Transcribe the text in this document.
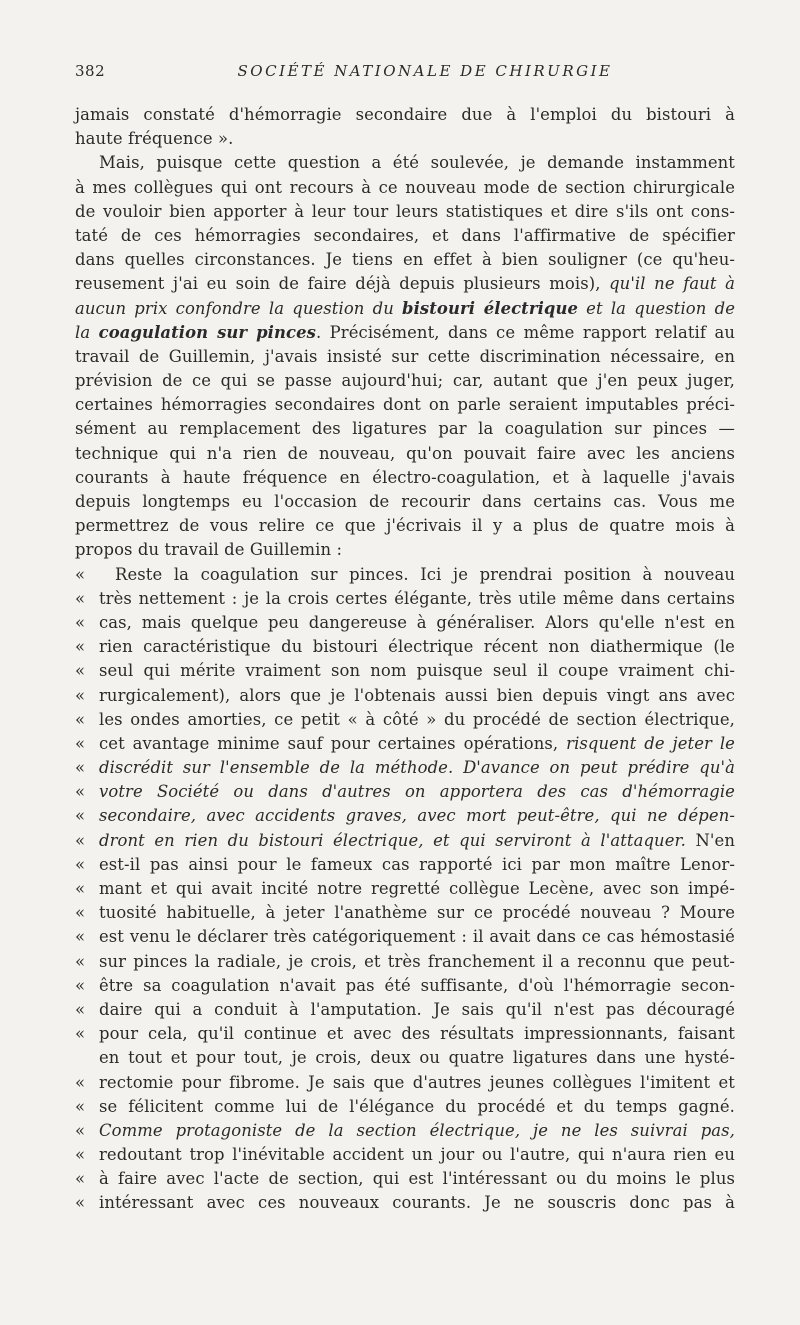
382	SOCIÉTÉ NATIONALE DE CHIRURGIE
jamais constaté d'hémorragie secondaire due à l'emploi du bistouri à
haute fréquence ».
Mais, puisque cette question a été soulevée, je demande instamment
à mes collègues qui ont recours à ce nouveau mode de section chirurgicale
de vouloir bien apporter à leur tour leurs statistiques et dire s'ils ont cons-
taté de ces hémorragies secondaires, et dans l'affirmative de spécifier
dans quelles circonstances. Je tiens en effet à bien souligner (ce qu'heu-
reusement j'ai eu soin de faire déjà depuis plusieurs mois), qu'il ne faut à
aucun prix confondre la question du bistouri électrique et la question de
la coagulation sur pinces. Précisément, dans ce même rapport relatif au
travail de Guillemin, j'avais insisté sur cette discrimination nécessaire, en
prévision de ce qui se passe aujourd'hui; car, autant que j'en peux juger,
certaines hémorragies secondaires dont on parle seraient imputables préci-
sément au remplacement des ligatures par la coagulation sur pinces —
technique qui n'a rien de nouveau, qu'on pouvait faire avec les anciens
courants à haute fréquence en électro-coagulation, et à laquelle j'avais
depuis longtemps eu l'occasion de recourir dans certains cas. Vous me
permettrez de vous relire ce que j'écrivais il y a plus de quatre mois à
propos du travail de Guillemin :
« Reste la coagulation sur pinces. Ici je prendrai position à nouveau
« très nettement : je la crois certes élégante, très utile même dans certains
« cas, mais quelque peu dangereuse à généraliser. Alors qu'elle n'est en
« rien caractéristique du bistouri électrique récent non diathermique (le
« seul qui mérite vraiment son nom puisque seul il coupe vraiment chi-
« rurgicalement), alors que je l'obtenais aussi bien depuis vingt ans avec
« les ondes amorties, ce petit « à côté » du procédé de section électrique,
« cet avantage minime sauf pour certaines opérations, risquent de jeter le
« discrédit sur l'ensemble de la méthode. D'avance on peut prédire qu'à
« votre Société ou dans d'autres on apportera des cas d'hémorragie
« secondaire, avec accidents graves, avec mort peut-être, qui ne dépen-
« dront en rien du bistouri électrique, et qui serviront à l'attaquer. N'en
« est-il pas ainsi pour le fameux cas rapporté ici par mon maître Lenor-
« mant et qui avait incité notre regretté collègue Lecène, avec son impé-
« tuosité habituelle, à jeter l'anathème sur ce procédé nouveau ? Moure
« est venu le déclarer très catégoriquement : il avait dans ce cas hémostasié
« sur pinces la radiale, je crois, et très franchement il a reconnu que peut-
« être sa coagulation n'avait pas été suffisante, d'où l'hémorragie secon-
« daire qui a conduit à l'amputation. Je sais qu'il n'est pas découragé
« pour cela, qu'il continue et avec des résultats impressionnants, faisant
en tout et pour tout, je crois, deux ou quatre ligatures dans une hysté-
« rectomie pour fibrome. Je sais que d'autres jeunes collègues l'imitent et
« se félicitent comme lui de l'élégance du procédé et du temps gagné.
« Comme protagoniste de la section électrique, je ne les suivrai pas,
« redoutant trop l'inévitable accident un jour ou l'autre, qui n'aura rien eu
« à faire avec l'acte de section, qui est l'intéressant ou du moins le plus
« intéressant avec ces nouveaux courants. Je ne souscris donc pas à
